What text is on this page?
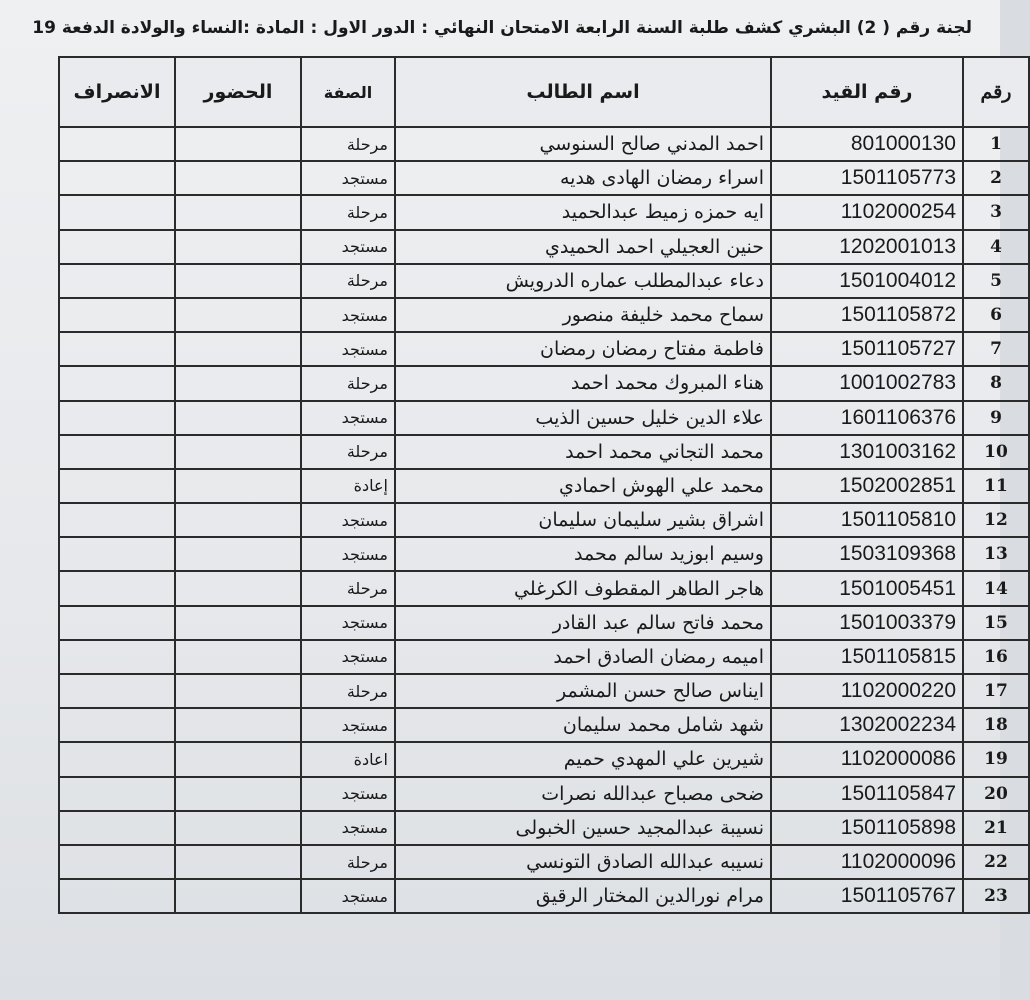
لجنة رقم ( 2) البشري كشف طلبة السنة الرابعة الامتحان النهائي : الدور الاول : المادة :النساء والولادة الدفعة 19
رقم	رقم القيد	اسم الطالب	الصفة	الحضور	الانصراف
1	801000130	احمد المدني صالح السنوسي	مرحلة		
2	1501105773	اسراء رمضان الهادى هديه	مستجد		
3	1102000254	ايه حمزه زميط عبدالحميد	مرحلة		
4	1202001013	حنين العجيلي احمد الحميدي	مستجد		
5	1501004012	دعاء عبدالمطلب عماره الدرويش	مرحلة		
6	1501105872	سماح محمد خليفة منصور	مستجد		
7	1501105727	فاطمة مفتاح رمضان رمضان	مستجد		
8	1001002783	هناء المبروك محمد احمد	مرحلة		
9	1601106376	علاء الدين خليل حسين الذيب	مستجد		
10	1301003162	محمد التجاني محمد احمد	مرحلة		
11	1502002851	محمد علي الهوش احمادي	إعادة		
12	1501105810	اشراق بشير سليمان سليمان	مستجد		
13	1503109368	وسيم ابوزيد سالم محمد	مستجد		
14	1501005451	هاجر الطاهر المقطوف الكرغلي	مرحلة		
15	1501003379	محمد فاتح سالم عبد القادر	مستجد		
16	1501105815	اميمه رمضان الصادق احمد	مستجد		
17	1102000220	ايناس صالح حسن المشمر	مرحلة		
18	1302002234	شهد شامل محمد سليمان	مستجد		
19	1102000086	شيرين علي المهدي حميم	اعادة		
20	1501105847	ضحى مصباح عبدالله نصرات	مستجد		
21	1501105898	نسيبة عبدالمجيد حسين الخبولى	مستجد		
22	1102000096	نسيبه عبدالله الصادق التونسي	مرحلة		
23	1501105767	مرام نورالدين المختار الرقيق	مستجد		
